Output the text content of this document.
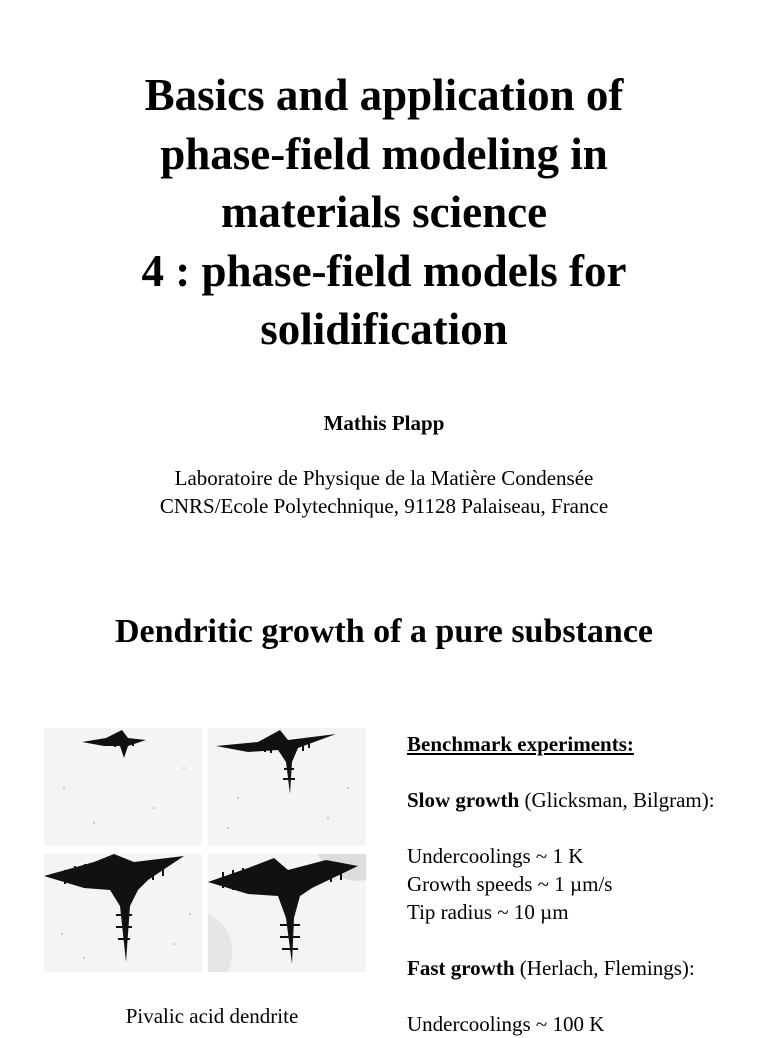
Basics and application of
phase-field modeling in
materials science
4 : phase-field models for
solidification
Mathis Plapp
Laboratoire de Physique de la Matière Condensée
CNRS/Ecole Polytechnique, 91128 Palaiseau, France
Dendritic growth of a pure substance
Pivalic acid dendrite
Benchmark experiments:
Slow growth (Glicksman, Bilgram):
Undercoolings ~ 1 K
Growth speeds ~ 1 µm/s
Tip radius ~ 10 µm
Fast growth (Herlach, Flemings):
Undercoolings ~ 100 K
